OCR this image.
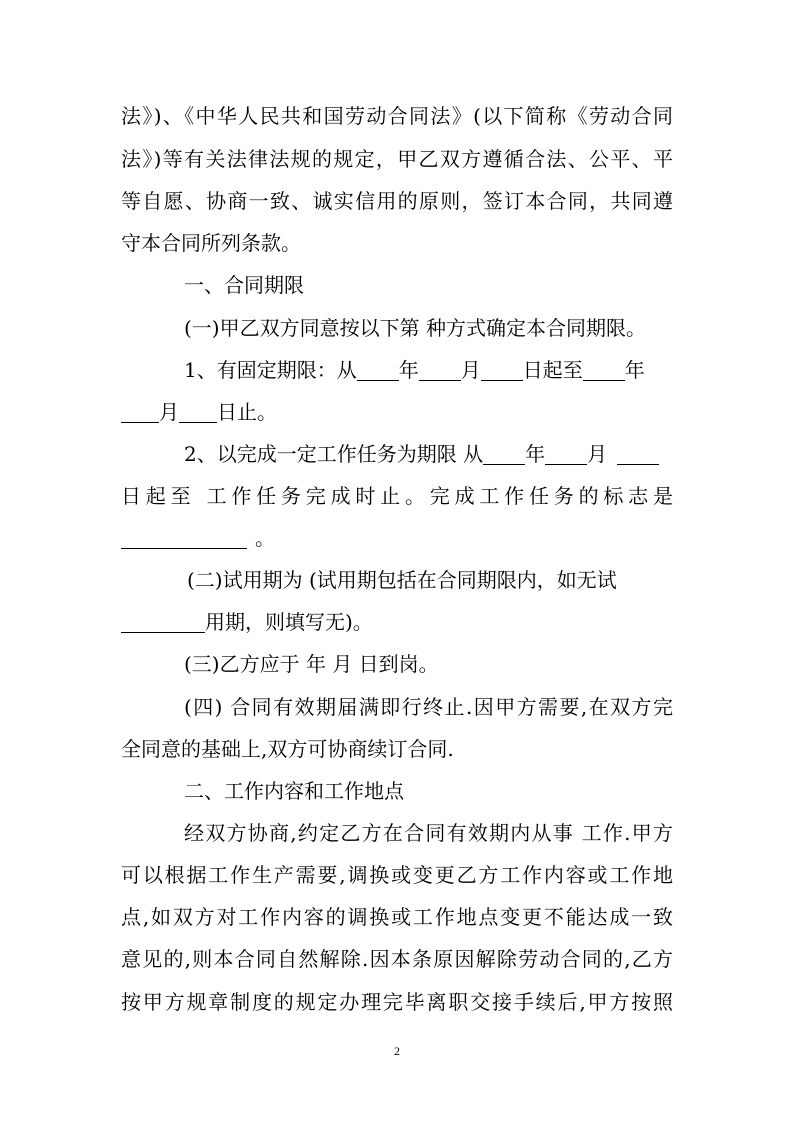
法》)、《中华人民共和国劳动合同法》(以下简称《劳动合同
法》)等有关法律法规的规定，甲乙双方遵循合法、公平、平
等自愿、协商一致、诚实信用的原则，签订本合同，共同遵
守本合同所列条款。
一、合同期限
(一)甲乙双方同意按以下第 种方式确定本合同期限。
1、有固定期限：从 年 月 日起至 年
月 日止。
2、以完成一定工作任务为期限 从 年 月
日起至 工作任务完成时止。完成工作任务的标志是
。
(二)试用期为 (试用期包括在合同期限内，如无试
用期，则填写无)。
(三)乙方应于 年 月 日到岗。
(四) 合同有效期届满即行终止.因甲方需要,在双方完
全同意的基础上,双方可协商续订合同.
二、工作内容和工作地点
经双方协商,约定乙方在合同有效期内从事 工作.甲方
可以根据工作生产需要,调换或变更乙方工作内容或工作地
点,如双方对工作内容的调换或工作地点变更不能达成一致
意见的,则本合同自然解除.因本条原因解除劳动合同的,乙方
按甲方规章制度的规定办理完毕离职交接手续后,甲方按照
2
